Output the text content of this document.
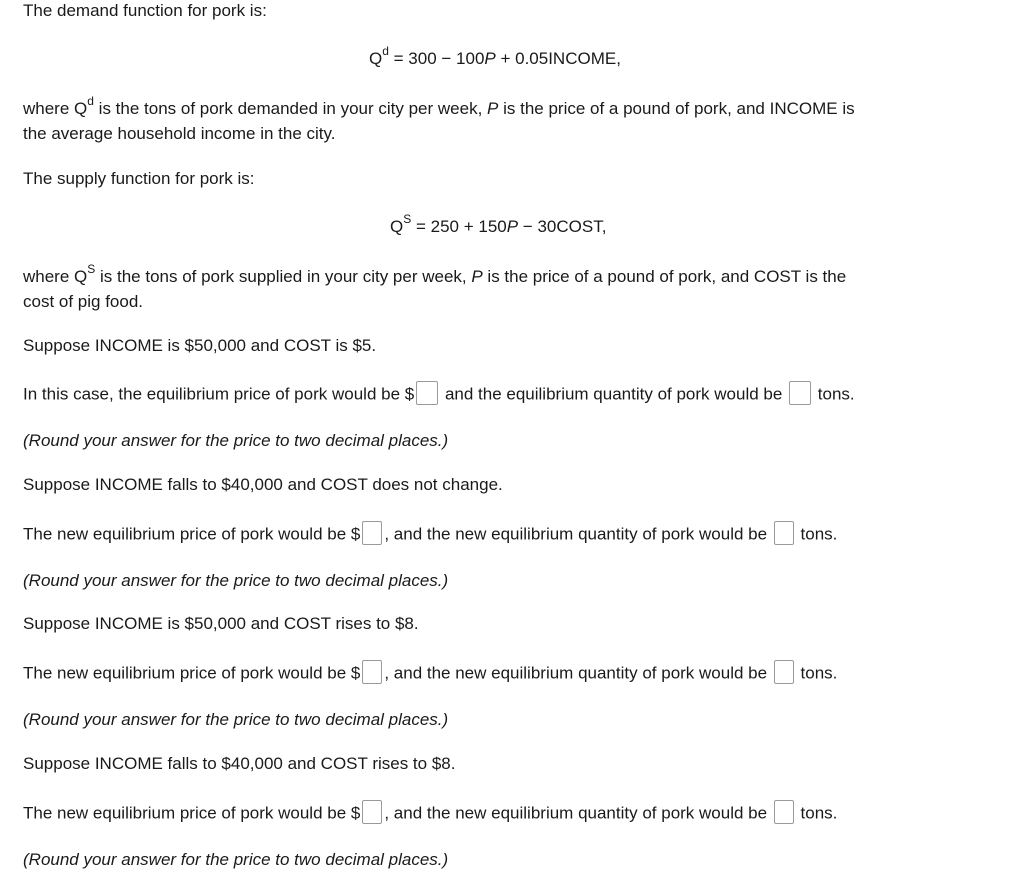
The demand function for pork is:
$Q^d = 300 - 100P$ + 0.05INCOME,
where $Q^d$ is the tons of pork demanded in your city per week, P is the price of a pound of pork, and INCOME is
the average household income in the city.
The supply function for pork is:
$Q^S = 250 + 150P$ − 30COST,
where $Q^S$ is the tons of pork supplied in your city per week, P is the price of a pound of pork, and COST is the
cost of pig food.
Suppose INCOME is $50,000 and COST is $5.
In this case, the equilibrium price of pork would be $ and the equilibrium quantity of pork would be  tons.
(Round your answer for the price to two decimal places.)
Suppose INCOME falls to $40,000 and COST does not change.
The new equilibrium price of pork would be $ , and the new equilibrium quantity of pork would be  tons.
(Round your answer for the price to two decimal places.)
Suppose INCOME is $50,000 and COST rises to $8.
The new equilibrium price of pork would be $ , and the new equilibrium quantity of pork would be  tons.
(Round your answer for the price to two decimal places.)
Suppose INCOME falls to $40,000 and COST rises to $8.
The new equilibrium price of pork would be $ , and the new equilibrium quantity of pork would be  tons.
(Round your answer for the price to two decimal places.)
